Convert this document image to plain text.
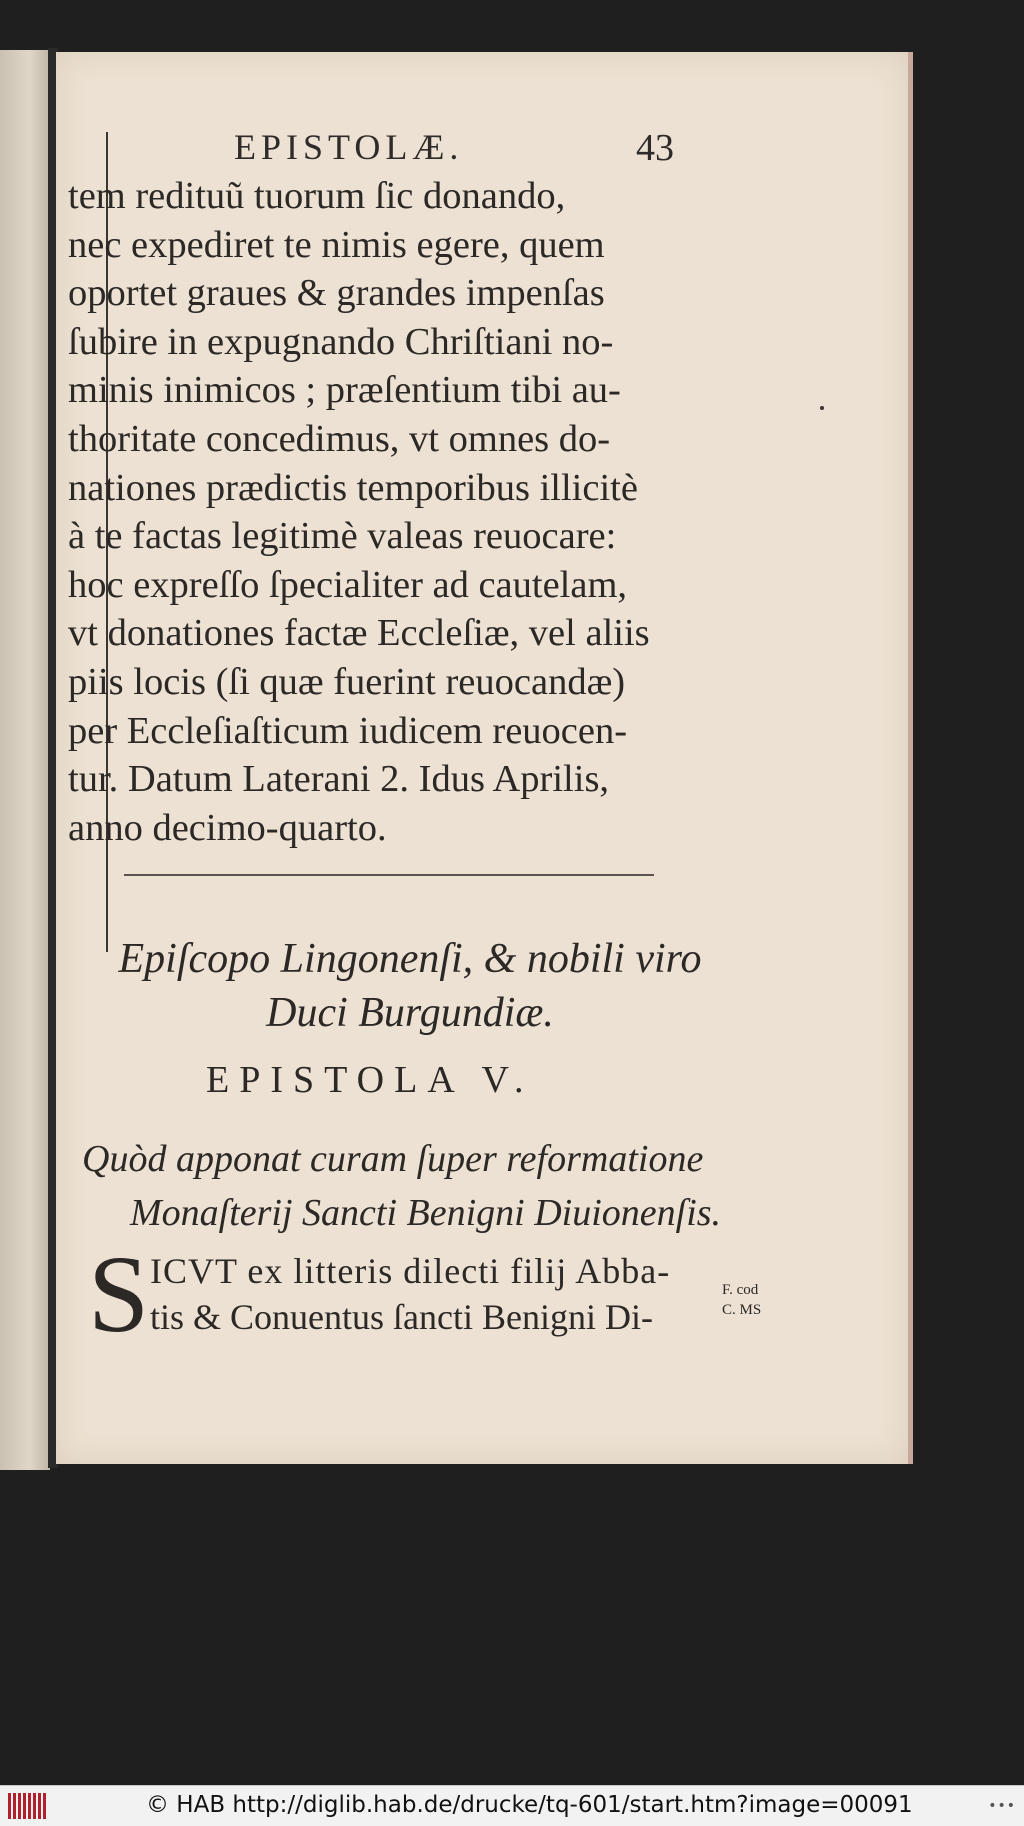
EPISTOLÆ.	43
tem redituũ tuorum ſic donando,
nec expediret te nimis egere, quem
oportet graues & grandes impenſas
ſubire in expugnando Chriſtiani no-
minis inimicos ; præſentium tibi au-
thoritate concedimus, vt omnes do-
nationes prædictis temporibus illicitè
à te factas legitimè valeas reuocare:
hoc expreſſo ſpecialiter ad cautelam,
vt donationes factæ Eccleſiæ, vel aliis
piis locis (ſi quæ fuerint reuocandæ)
per Eccleſiaſticum iudicem reuocen-
tur. Datum Laterani 2. Idus Aprilis,
anno decimo-quarto.
Epiſcopo Lingonenſi, & nobili viro
Duci Burgundiæ.
EPISTOLA V.
Quòd apponat curam ſuper reformatione
Monaſterij Sancti Benigni Diuionenſis.
S ICVT ex litteris dilecti filij Abba-
tis & Conuentus ſancti Benigni Di-
F. cod
C. MS
© HAB http://diglib.hab.de/drucke/tq-601/start.htm?image=00091	•••
